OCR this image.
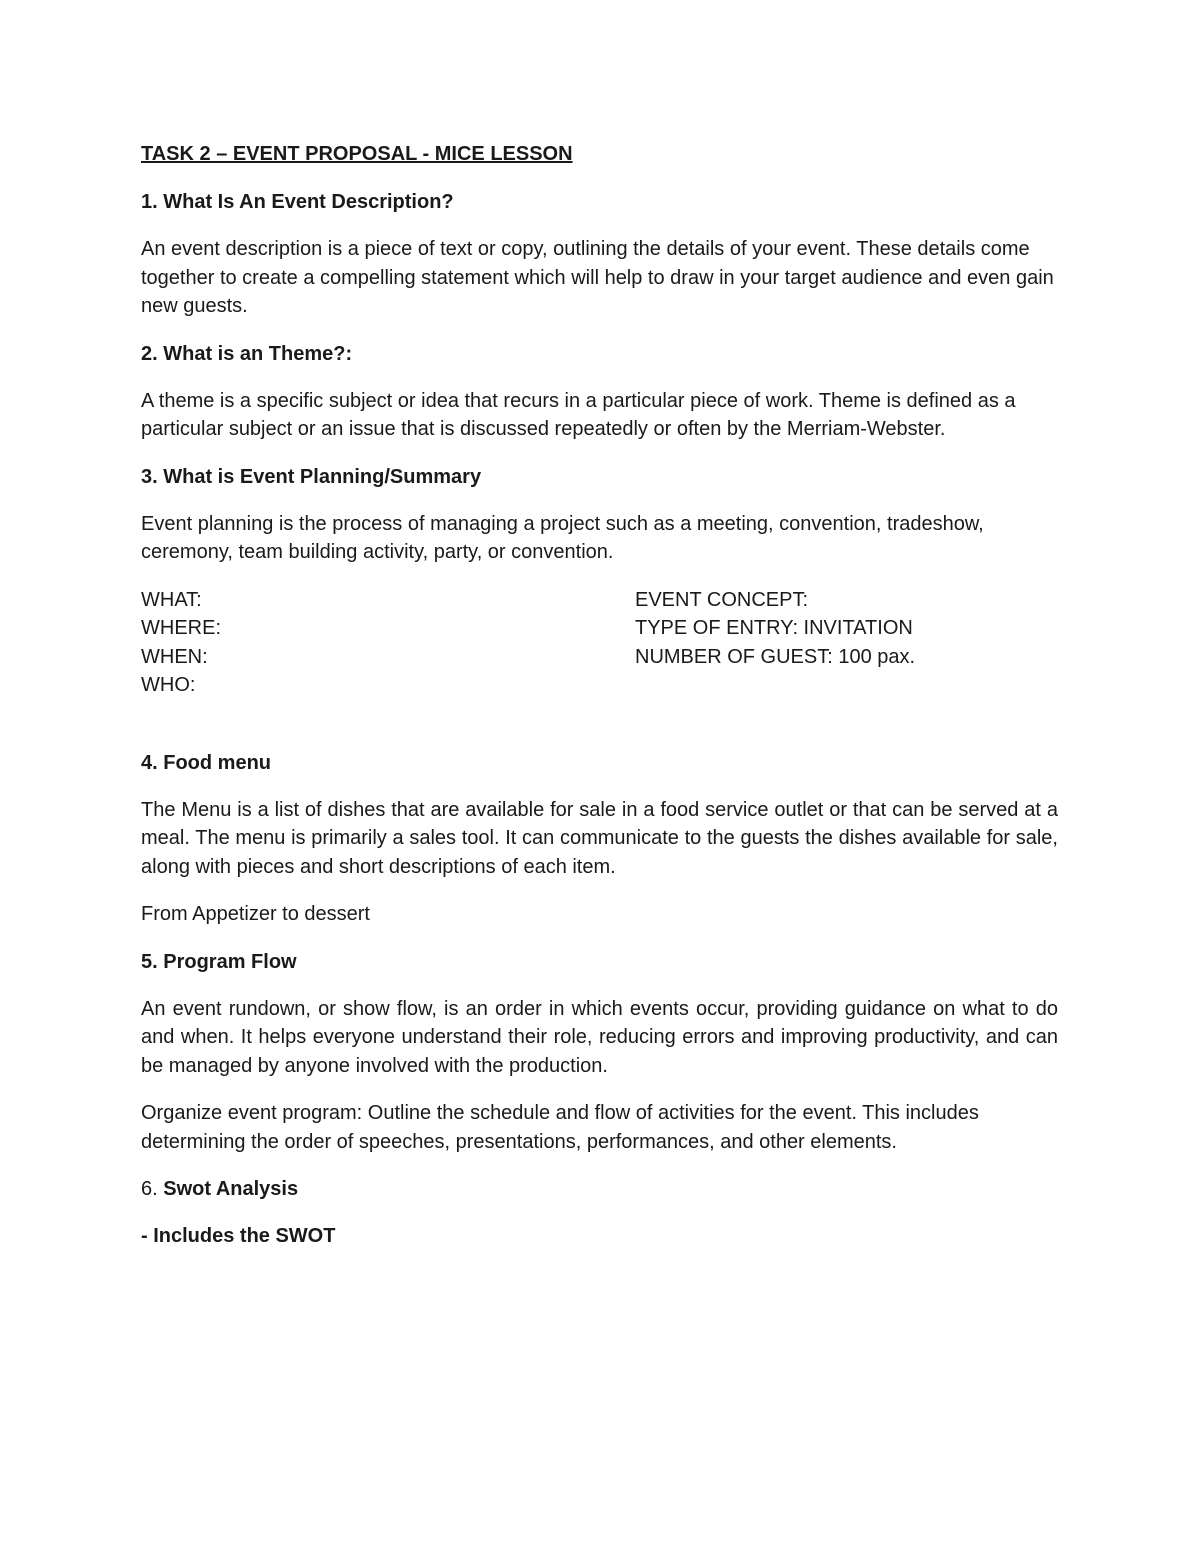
TASK 2 – EVENT PROPOSAL - MICE LESSON
1. What Is An Event Description?
An event description is a piece of text or copy, outlining the details of your event. These details come together to create a compelling statement which will help to draw in your target audience and even gain new guests.
2. What is an Theme?:
A theme is a specific subject or idea that recurs in a particular piece of work. Theme is defined as a particular subject or an issue that is discussed repeatedly or often by the Merriam-Webster.
3. What is Event Planning/Summary
Event planning is the process of managing a project such as a meeting, convention, tradeshow, ceremony, team building activity, party, or convention.
WHAT:
WHERE:
WHEN:
WHO:
EVENT CONCEPT:
TYPE OF ENTRY: INVITATION
NUMBER OF GUEST: 100 pax.
4. Food menu
The Menu is a list of dishes that are available for sale in a food service outlet or that can be served at a meal. The menu is primarily a sales tool. It can communicate to the guests the dishes available for sale, along with pieces and short descriptions of each item.
From Appetizer to dessert
5. Program Flow
An event rundown, or show flow, is an order in which events occur, providing guidance on what to do and when. It helps everyone understand their role, reducing errors and improving productivity, and can be managed by anyone involved with the production.
Organize event program: Outline the schedule and flow of activities for the event. This includes determining the order of speeches, presentations, performances, and other elements.
6. Swot Analysis
- Includes the SWOT
